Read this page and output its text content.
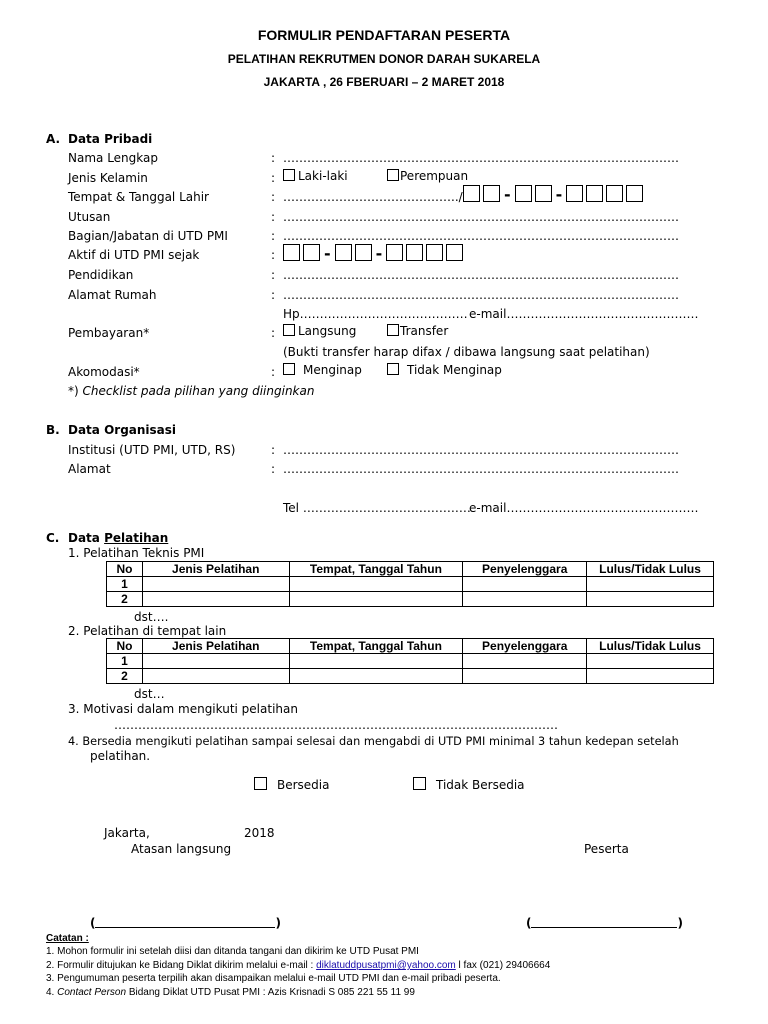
FORMULIR PENDAFTARAN PESERTA
PELATIHAN REKRUTMEN DONOR DARAH SUKARELA
JAKARTA , 26 FBERUARI – 2 MARET 2018
A. Data Pribadi
Nama Lengkap	: ………………………………………………………………………………………
Jenis Kelamin	:	Laki-laki	Perempuan
Tempat & Tanggal Lahir	: ……………………………………../	-	-
Utusan	: ………………………………………………………………………………………
Bagian/Jabatan di UTD PMI	: ………………………………………………………………………………………
Aktif di UTD PMI sejak	:	-	-
Pendidikan	: ………………………………………………………………………………………
Alamat Rumah	: ………………………………………………………………………………………
Hp…………………………………… e-mail…………………………………………
Pembayaran*	:	Langsung	Transfer
(Bukti transfer harap difax / dibawa langsung saat pelatihan)
Akomodasi*	:	Menginap	Tidak Menginap
*) Checklist pada pilihan yang diinginkan
B. Data Organisasi
Institusi (UTD PMI, UTD, RS)	: ………………………………………………………………………………………
Alamat	: ………………………………………………………………………………………
Tel ……………………………………
e-mail…………………………………………
C. Data Pelatihan
1. Pelatihan Teknis PMI
No	Jenis Pelatihan	Tempat, Tanggal Tahun	Penyelenggara	Lulus/Tidak Lulus
1				
2				
dst….
2. Pelatihan di tempat lain
No	Jenis Pelatihan	Tempat, Tanggal Tahun	Penyelenggara	Lulus/Tidak Lulus
1				
2				
dst…
3. Motivasi dalam mengikuti pelatihan
…………………………………………………………………………………………………
4. Bersedia mengikuti pelatihan sampai selesai dan mengabdi di UTD PMI minimal 3 tahun kedepan setelah
pelatihan.
Bersedia	Tidak Bersedia
Jakarta,	2018
Atasan langsung	Peserta
(	)	(	)
Catatan :
1. Mohon formulir ini setelah diisi dan ditanda tangani dan dikirim ke UTD Pusat PMI
2. Formulir ditujukan ke Bidang Diklat dikirim melalui e-mail : diklatuddpusatpmi@yahoo.com l fax (021) 29406664
3. Pengumuman peserta terpilih akan disampaikan melalui e-mail UTD PMI dan e-mail pribadi peserta.
4. Contact Person Bidang Diklat UTD Pusat PMI : Azis Krisnadi S 085 221 55 11 99
